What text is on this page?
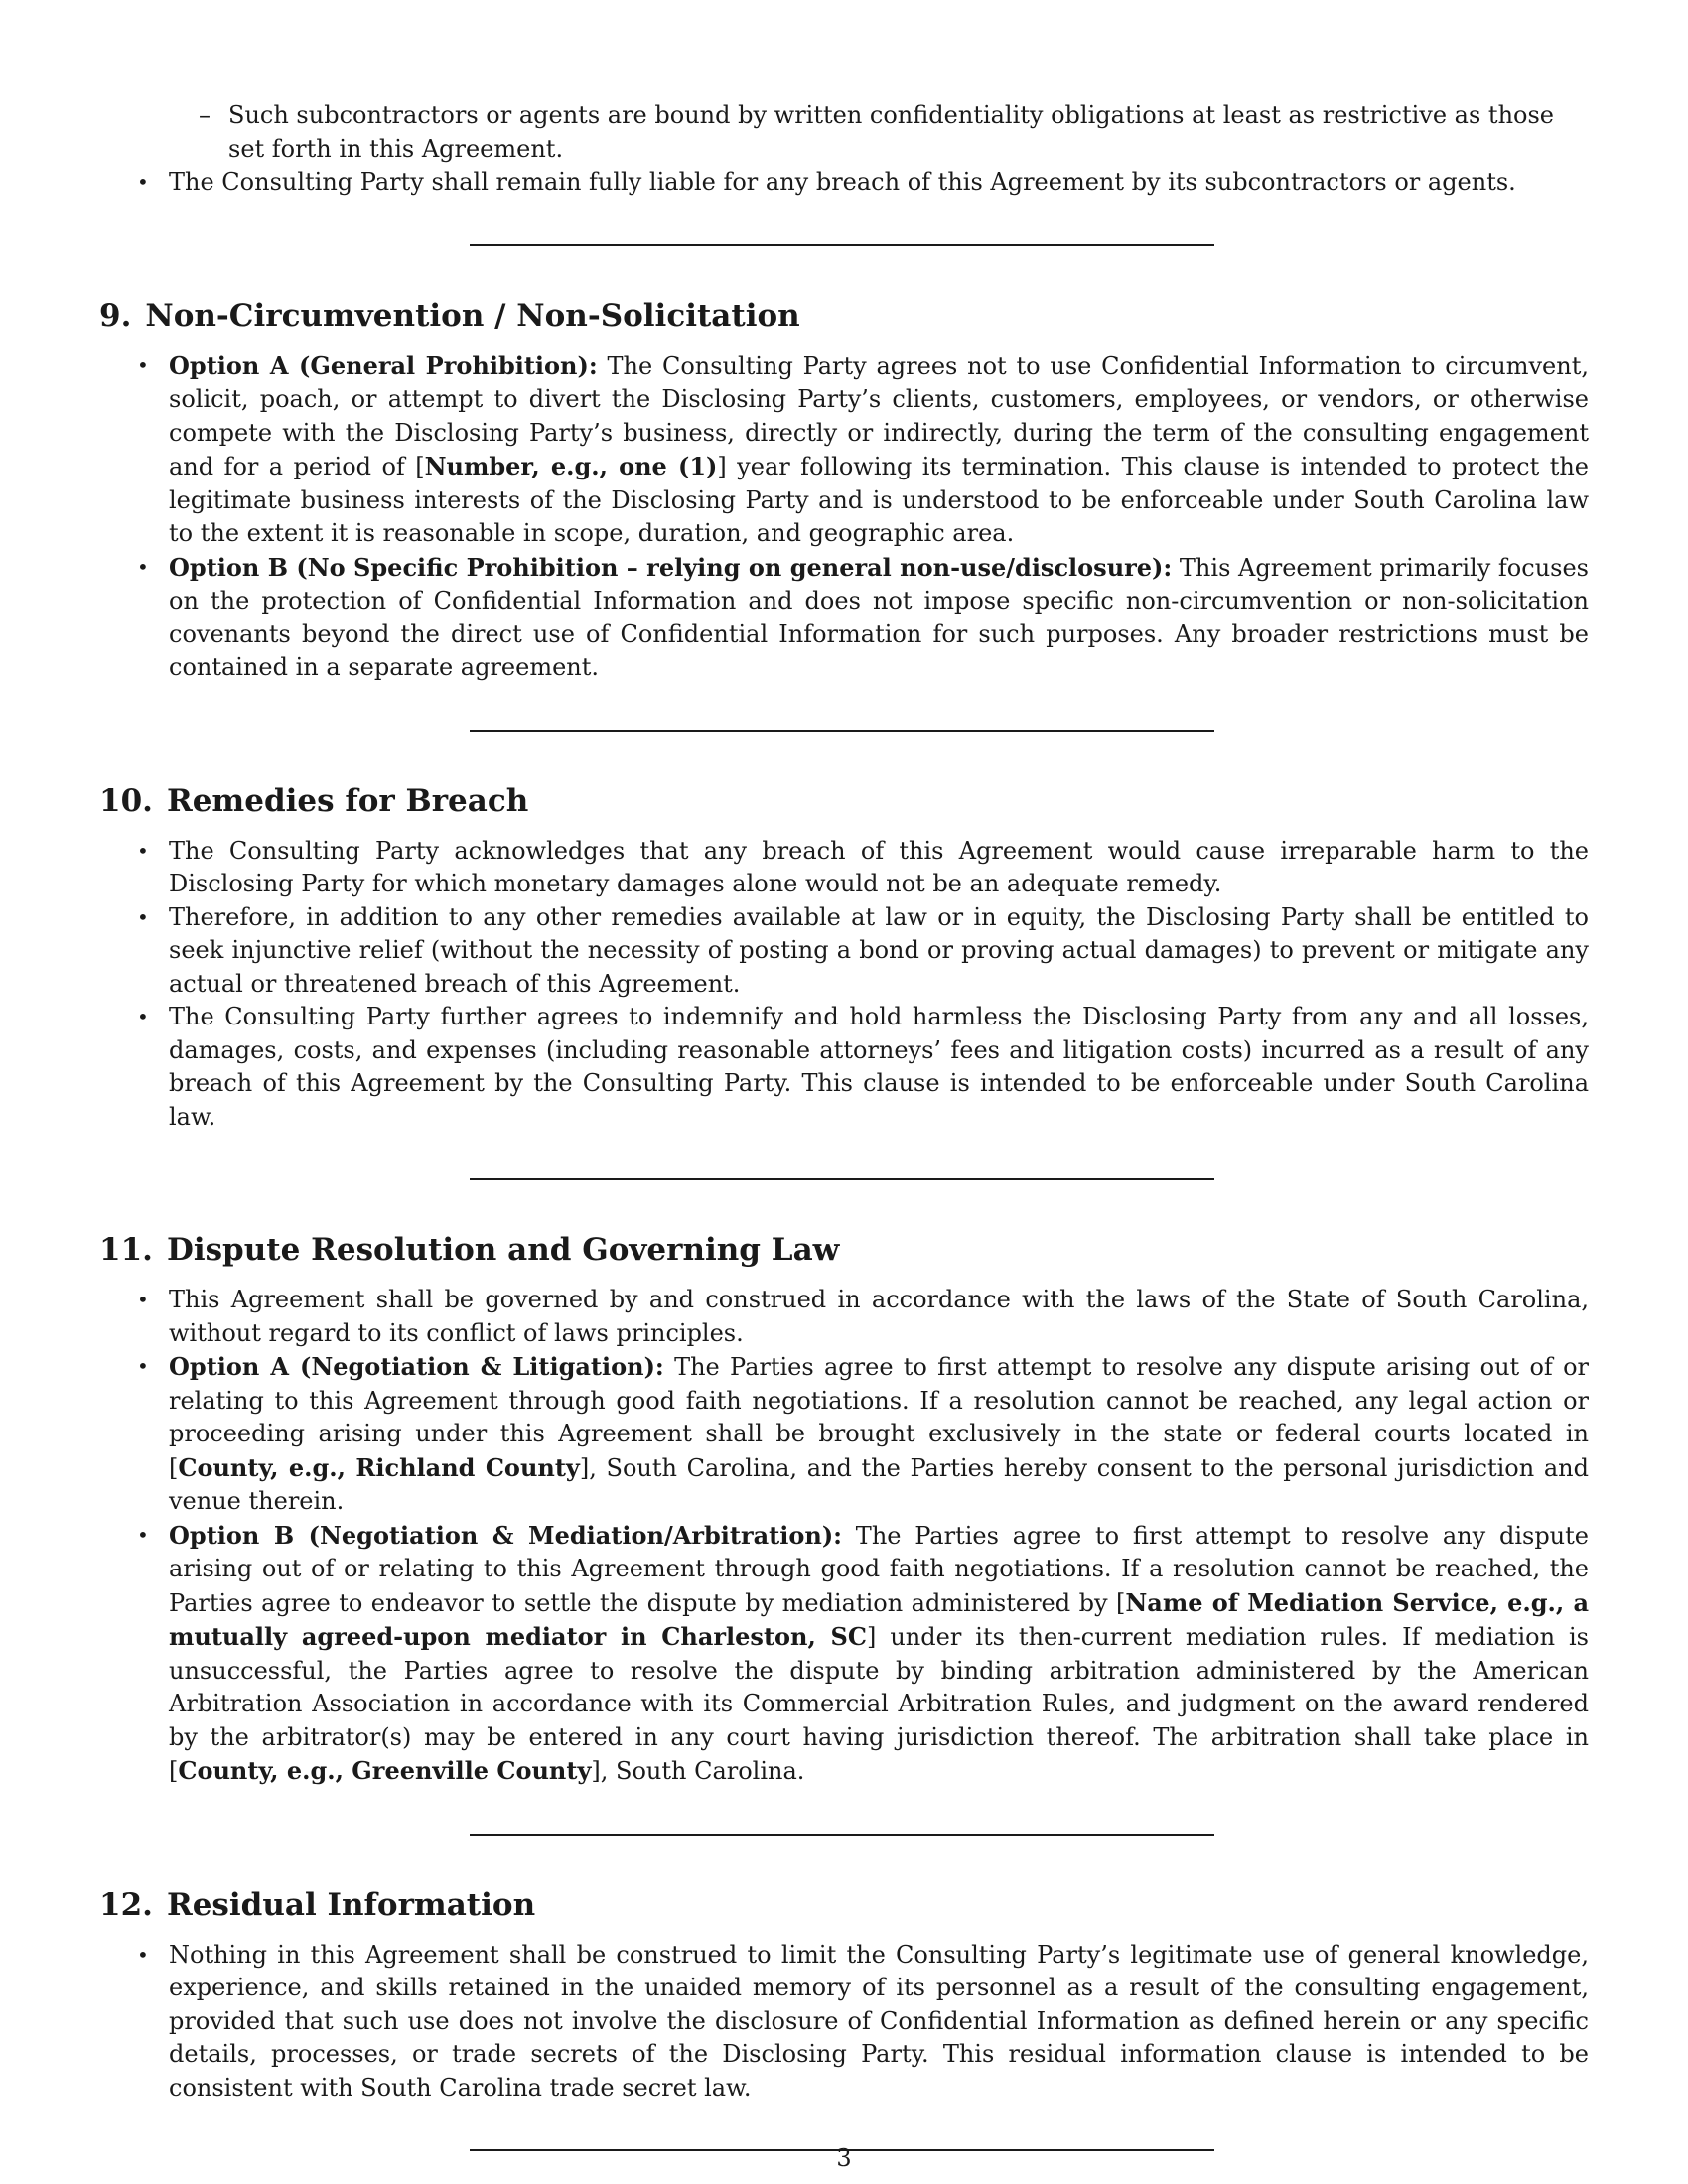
– Such subcontractors or agents are bound by written confidentiality obligations at least as restrictive as those set forth in this Agreement.
• The Consulting Party shall remain fully liable for any breach of this Agreement by its subcontractors or agents.
9. Non-Circumvention / Non-Solicitation
• Option A (General Prohibition): The Consulting Party agrees not to use Confidential Information to circumvent, solicit, poach, or attempt to divert the Disclosing Party’s clients, customers, employees, or vendors, or otherwise compete with the Disclosing Party’s business, directly or indirectly, during the term of the consulting engagement and for a period of [Number, e.g., one (1)] year following its termination. This clause is intended to protect the legitimate business interests of the Disclosing Party and is understood to be enforceable under South Carolina law to the extent it is reasonable in scope, duration, and geographic area.
• Option B (No Specific Prohibition – relying on general non-use/disclosure): This Agreement primarily focuses on the protection of Confidential Information and does not impose specific non-circumvention or non-solicitation covenants beyond the direct use of Confidential Information for such purposes. Any broader restrictions must be contained in a separate agreement.
10. Remedies for Breach
• The Consulting Party acknowledges that any breach of this Agreement would cause irreparable harm to the Disclosing Party for which monetary damages alone would not be an adequate remedy.
• Therefore, in addition to any other remedies available at law or in equity, the Disclosing Party shall be entitled to seek injunctive relief (without the necessity of posting a bond or proving actual damages) to prevent or mitigate any actual or threatened breach of this Agreement.
• The Consulting Party further agrees to indemnify and hold harmless the Disclosing Party from any and all losses, damages, costs, and expenses (including reasonable attorneys’ fees and litigation costs) incurred as a result of any breach of this Agreement by the Consulting Party. This clause is intended to be enforceable under South Carolina law.
11. Dispute Resolution and Governing Law
• This Agreement shall be governed by and construed in accordance with the laws of the State of South Carolina, without regard to its conflict of laws principles.
• Option A (Negotiation & Litigation): The Parties agree to first attempt to resolve any dispute arising out of or relating to this Agreement through good faith negotiations. If a resolution cannot be reached, any legal action or proceeding arising under this Agreement shall be brought exclusively in the state or federal courts located in [County, e.g., Richland County], South Carolina, and the Parties hereby consent to the personal jurisdiction and venue therein.
• Option B (Negotiation & Mediation/Arbitration): The Parties agree to first attempt to resolve any dispute arising out of or relating to this Agreement through good faith negotiations. If a resolution cannot be reached, the Parties agree to endeavor to settle the dispute by mediation administered by [Name of Mediation Service, e.g., a mutually agreed-upon mediator in Charleston, SC] under its then-current mediation rules. If mediation is unsuccessful, the Parties agree to resolve the dispute by binding arbitration administered by the American Arbitration Association in accordance with its Commercial Arbitration Rules, and judgment on the award rendered by the arbitrator(s) may be entered in any court having jurisdiction thereof. The arbitration shall take place in [County, e.g., Greenville County], South Carolina.
12. Residual Information
• Nothing in this Agreement shall be construed to limit the Consulting Party’s legitimate use of general knowledge, experience, and skills retained in the unaided memory of its personnel as a result of the consulting engagement, provided that such use does not involve the disclosure of Confidential Information as defined herein or any specific details, processes, or trade secrets of the Disclosing Party. This residual information clause is intended to be consistent with South Carolina trade secret law.
3
